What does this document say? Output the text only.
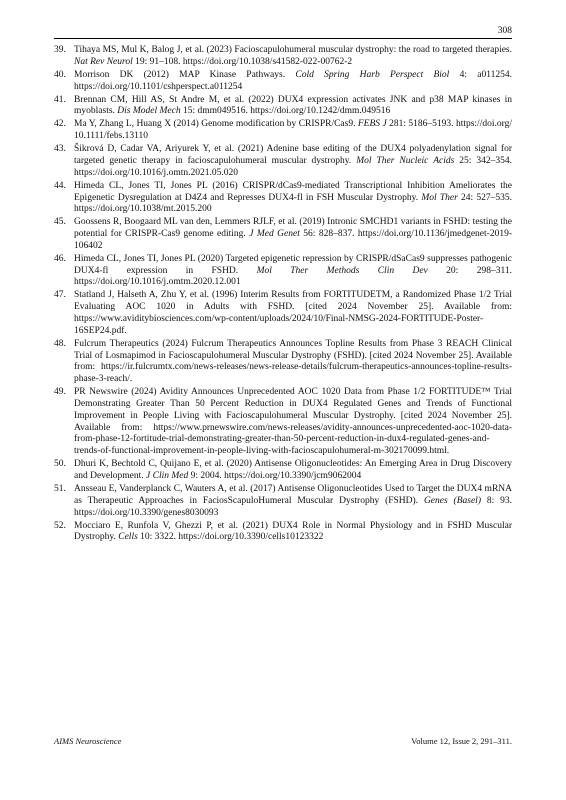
308
39. Tihaya MS, Mul K, Balog J, et al. (2023) Facioscapulohumeral muscular dystrophy: the road to targeted therapies. Nat Rev Neurol 19: 91–108. https://doi.org/10.1038/s41582-022-00762-2
40. Morrison DK (2012) MAP Kinase Pathways. Cold Spring Harb Perspect Biol 4: a011254. https://doi.org/10.1101/cshperspect.a011254
41. Brennan CM, Hill AS, St Andre M, et al. (2022) DUX4 expression activates JNK and p38 MAP kinases in myoblasts. Dis Model Mech 15: dmm049516. https://doi.org/10.1242/dmm.049516
42. Ma Y, Zhang L, Huang X (2014) Genome modification by CRISPR/Cas9. FEBS J 281: 5186–5193. https://doi.org/ 10.1111/febs.13110
43. Šikrová D, Cadar VA, Ariyurek Y, et al. (2021) Adenine base editing of the DUX4 polyadenylation signal for targeted genetic therapy in facioscapulohumeral muscular dystrophy. Mol Ther Nucleic Acids 25: 342–354. https://doi.org/10.1016/j.omtn.2021.05.020
44. Himeda CL, Jones TI, Jones PL (2016) CRISPR/dCas9-mediated Transcriptional Inhibition Ameliorates the Epigenetic Dysregulation at D4Z4 and Represses DUX4-fl in FSH Muscular Dystrophy. Mol Ther 24: 527–535. https://doi.org/10.1038/mt.2015.200
45. Goossens R, Boogaard ML van den, Lemmers RJLF, et al. (2019) Intronic SMCHD1 variants in FSHD: testing the potential for CRISPR-Cas9 genome editing. J Med Genet 56: 828–837. https://doi.org/10.1136/jmedgenet-2019-106402
46. Himeda CL, Jones TI, Jones PL (2020) Targeted epigenetic repression by CRISPR/dSaCas9 suppresses pathogenic DUX4-fl expression in FSHD. Mol Ther Methods Clin Dev 20: 298–311. https://doi.org/10.1016/j.omtm.2020.12.001
47. Statland J, Halseth A, Zhu Y, et al. (1996) Interim Results from FORTITUDETM, a Randomized Phase 1/2 Trial Evaluating AOC 1020 in Adults with FSHD. [cited 2024 November 25]. Available from: https://www.aviditybiosciences.com/wp-content/uploads/2024/10/Final-NMSG-2024-FORTITUDE-Poster-16SEP24.pdf.
48. Fulcrum Therapeutics (2024) Fulcrum Therapeutics Announces Topline Results from Phase 3 REACH Clinical Trial of Losmapimod in Facioscapulohumeral Muscular Dystrophy (FSHD). [cited 2024 November 25]. Available from: https://ir.fulcrumtx.com/news-releases/news-release-details/fulcrum-therapeutics-announces-topline-results-phase-3-reach/.
49. PR Newswire (2024) Avidity Announces Unprecedented AOC 1020 Data from Phase 1/2 FORTITUDE™ Trial Demonstrating Greater Than 50 Percent Reduction in DUX4 Regulated Genes and Trends of Functional Improvement in People Living with Facioscapulohumeral Muscular Dystrophy. [cited 2024 November 25]. Available from: https://www.prnewswire.com/news-releases/avidity-announces-unprecedented-aoc-1020-data-from-phase-12-fortitude-trial-demonstrating-greater-than-50-percent-reduction-in-dux4-regulated-genes-and-trends-of-functional-improvement-in-people-living-with-facioscapulohumeral-m-302170099.html.
50. Dhuri K, Bechtold C, Quijano E, et al. (2020) Antisense Oligonucleotides: An Emerging Area in Drug Discovery and Development. J Clin Med 9: 2004. https://doi.org/10.3390/jcm9062004
51. Ansseau E, Vanderplanck C, Wauters A, et al. (2017) Antisense Oligonucleotides Used to Target the DUX4 mRNA as Therapeutic Approaches in FaciosScapuloHumeral Muscular Dystrophy (FSHD). Genes (Basel) 8: 93. https://doi.org/10.3390/genes8030093
52. Mocciaro E, Runfola V, Ghezzi P, et al. (2021) DUX4 Role in Normal Physiology and in FSHD Muscular Dystrophy. Cells 10: 3322. https://doi.org/10.3390/cells10123322
AIMS Neuroscience	Volume 12, Issue 2, 291–311.
